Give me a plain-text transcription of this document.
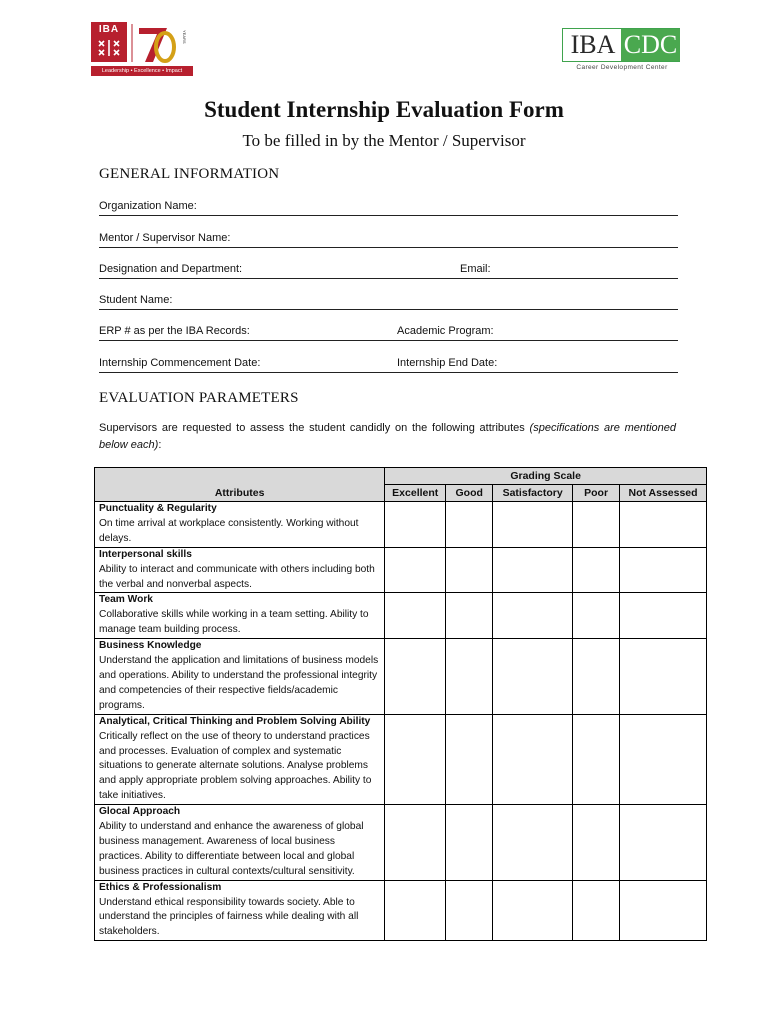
IBA
YEARS
Leadership • Excellence • Impact
IBA CDC
Career Development Center
Student Internship Evaluation Form
To be filled in by the Mentor / Supervisor
GENERAL INFORMATION
Organization Name:
Mentor / Supervisor Name:
Designation and Department:	Email:
Student Name:
ERP # as per the IBA Records:	Academic Program:
Internship Commencement Date:	Internship End Date:
EVALUATION PARAMETERS
Supervisors are requested to assess the student candidly on the following attributes (specifications are mentioned below each):
Attributes	Grading Scale				
	Excellent	Good	Satisfactory	Poor	Not Assessed

Punctuality & Regularity
On time arrival at workplace consistently. Working without delays.					

Interpersonal skills
Ability to interact and communicate with others including both the verbal and nonverbal aspects.					

Team Work
Collaborative skills while working in a team setting. Ability to manage team building process.					

Business Knowledge
Understand the application and limitations of business models and operations. Ability to understand the professional integrity and competencies of their respective fields/academic programs.					

Analytical, Critical Thinking and Problem Solving Ability
Critically reflect on the use of theory to understand practices and processes. Evaluation of complex and systematic situations to generate alternate solutions. Analyse problems and apply appropriate problem solving approaches. Ability to take initiatives.					

Glocal Approach
Ability to understand and enhance the awareness of global business management. Awareness of local business practices. Ability to differentiate between local and global business practices in cultural contexts/cultural sensitivity.					

Ethics & Professionalism
Understand ethical responsibility towards society. Able to understand the principles of fairness while dealing with all stakeholders.					
